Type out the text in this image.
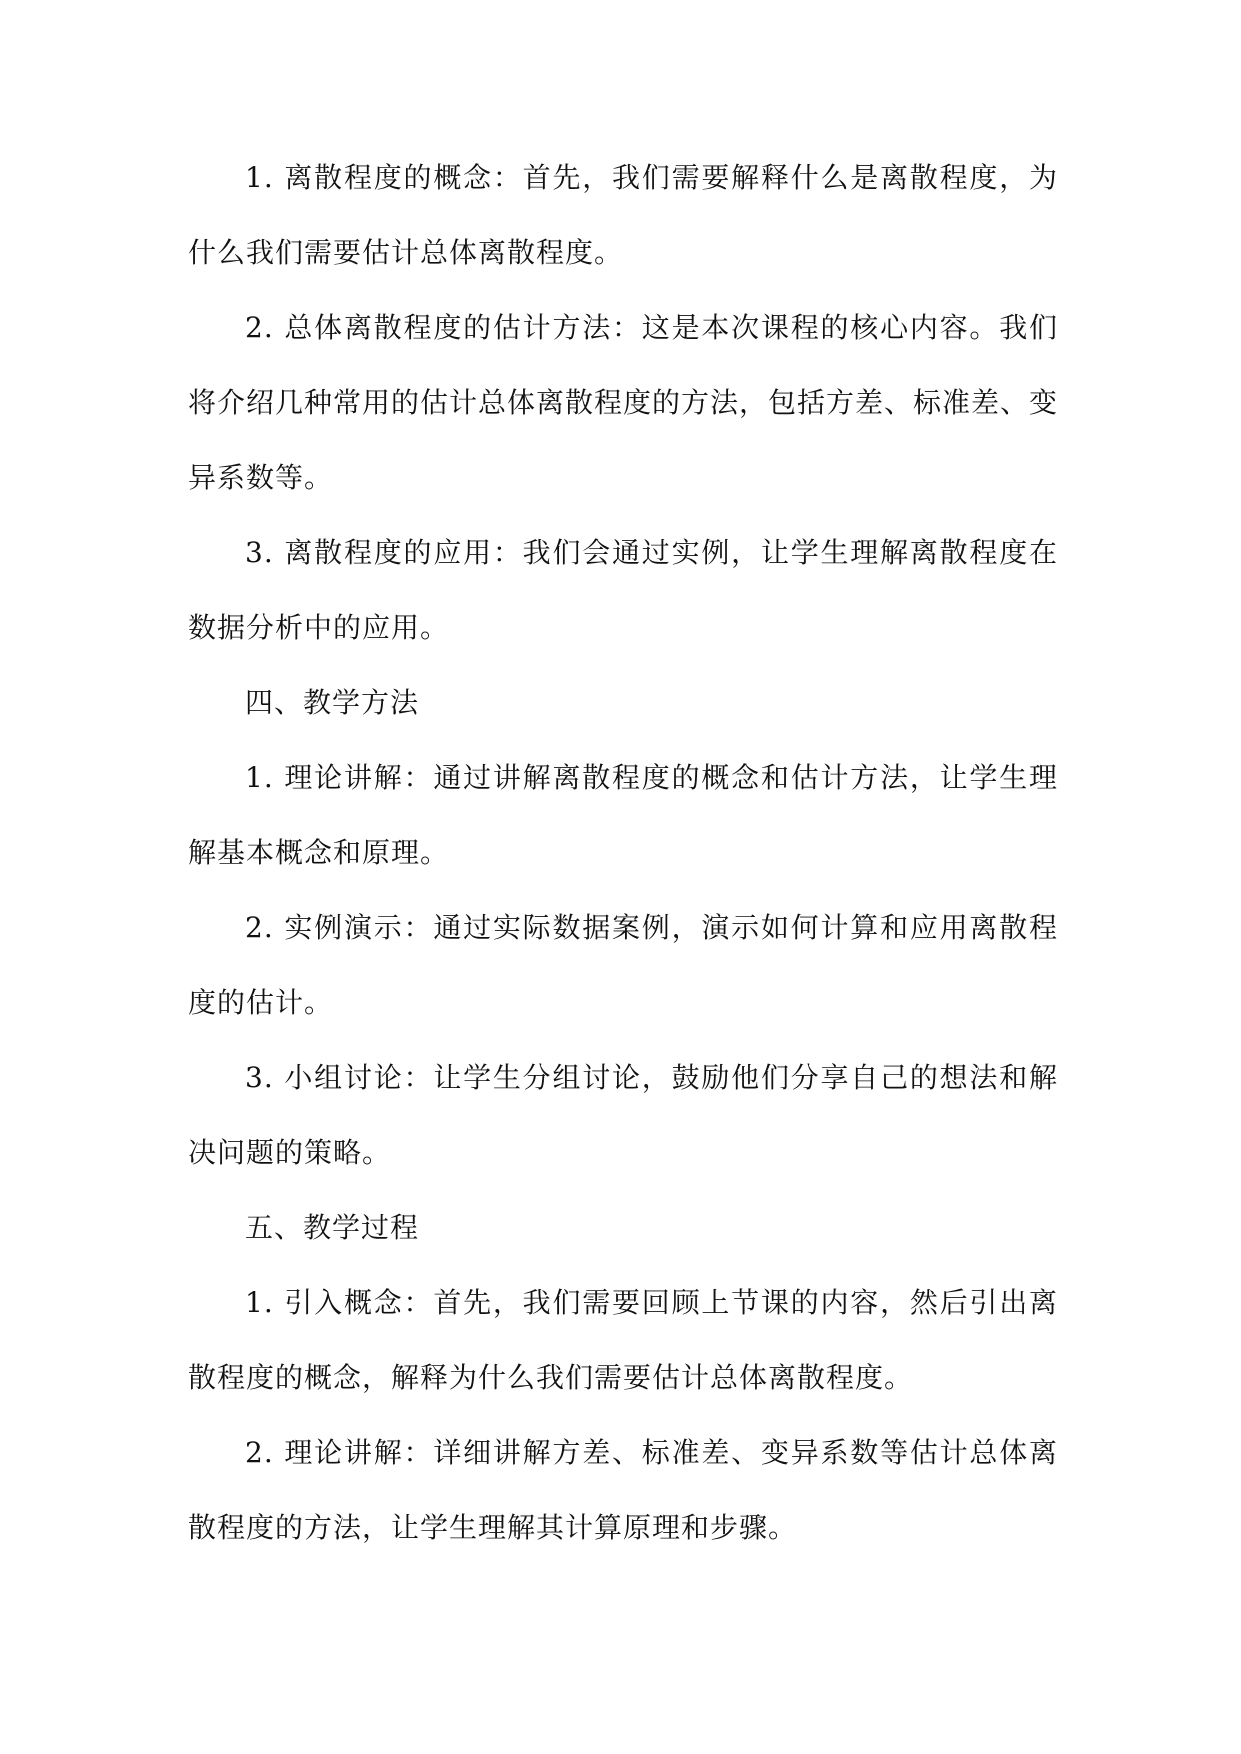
1. 离散程度的概念：首先，我们需要解释什么是离散程度，为什么我们需要估计总体离散程度。

2. 总体离散程度的估计方法：这是本次课程的核心内容。我们将介绍几种常用的估计总体离散程度的方法，包括方差、标准差、变异系数等。

3. 离散程度的应用：我们会通过实例，让学生理解离散程度在数据分析中的应用。

四、教学方法

1. 理论讲解：通过讲解离散程度的概念和估计方法，让学生理解基本概念和原理。

2. 实例演示：通过实际数据案例，演示如何计算和应用离散程度的估计。

3. 小组讨论：让学生分组讨论，鼓励他们分享自己的想法和解决问题的策略。

五、教学过程

1. 引入概念：首先，我们需要回顾上节课的内容，然后引出离散程度的概念，解释为什么我们需要估计总体离散程度。

2. 理论讲解：详细讲解方差、标准差、变异系数等估计总体离散程度的方法，让学生理解其计算原理和步骤。
